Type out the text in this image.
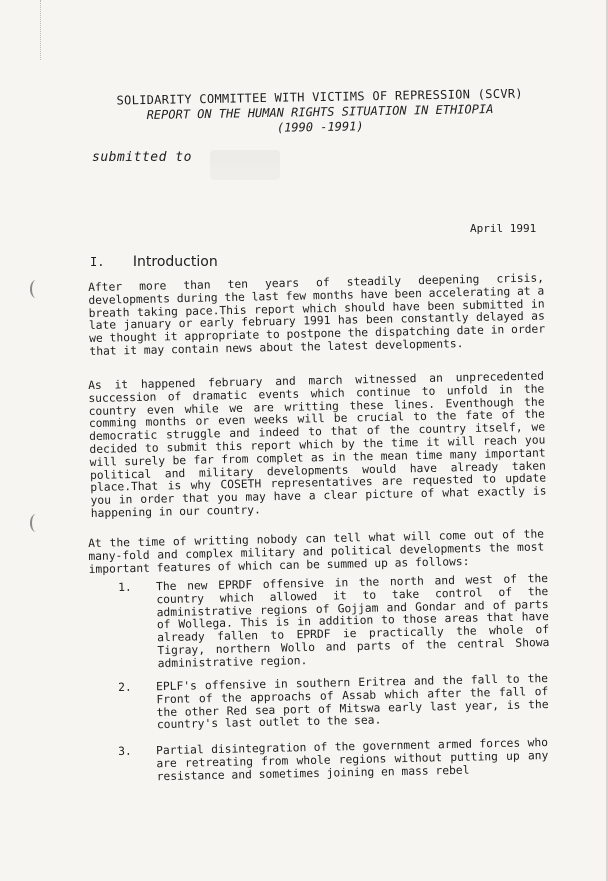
SOLIDARITY COMMITTEE WITH VICTIMS OF REPRESSION (SCVR)
REPORT ON THE HUMAN RIGHTS SITUATION IN ETHIOPIA
(1990 -1991)
submitted to
April 1991
I. Introduction

After more than ten years of steadily deepening crisis, developments during the last few months have been accelerating at a breath taking pace.This report which should have been submitted in late january or early february 1991 has been constantly delayed as we thought it appropriate to postpone the dispatching date in order that it may contain news about the latest developments.

As it happened february and march witnessed an unprecedented succession of dramatic events which continue to unfold in the country even while we are writting these lines. Eventhough the comming months or even weeks will be crucial to the fate of the democratic struggle and indeed to that of the country itself, we decided to submit this report which by the time it will reach you will surely be far from complet as in the mean time many important political and military developments would have already taken place.That is why COSETH representatives are requested to update you in order that you may have a clear picture of what exactly is happening in our country.

At the time of writting nobody can tell what will come out of the many-fold and complex military and political developments the most important features of which can be summed up as follows:

1.	The new EPRDF offensive in the north and west of the country which allowed it to take control of the administrative regions of Gojjam and Gondar and of parts of Wollega. This is in addition to those areas that have already fallen to EPRDF ie practically the whole of Tigray, northern Wollo and parts of the central Showa administrative region.
2.	EPLF's offensive in southern Eritrea and the fall to the Front of the approachs of Assab which after the fall of the other Red sea port of Mitswa early last year, is the country's last outlet to the sea.
3.	Partial disintegration of the government armed forces who are retreating from whole regions without putting up any resistance and sometimes joining en mass rebel
